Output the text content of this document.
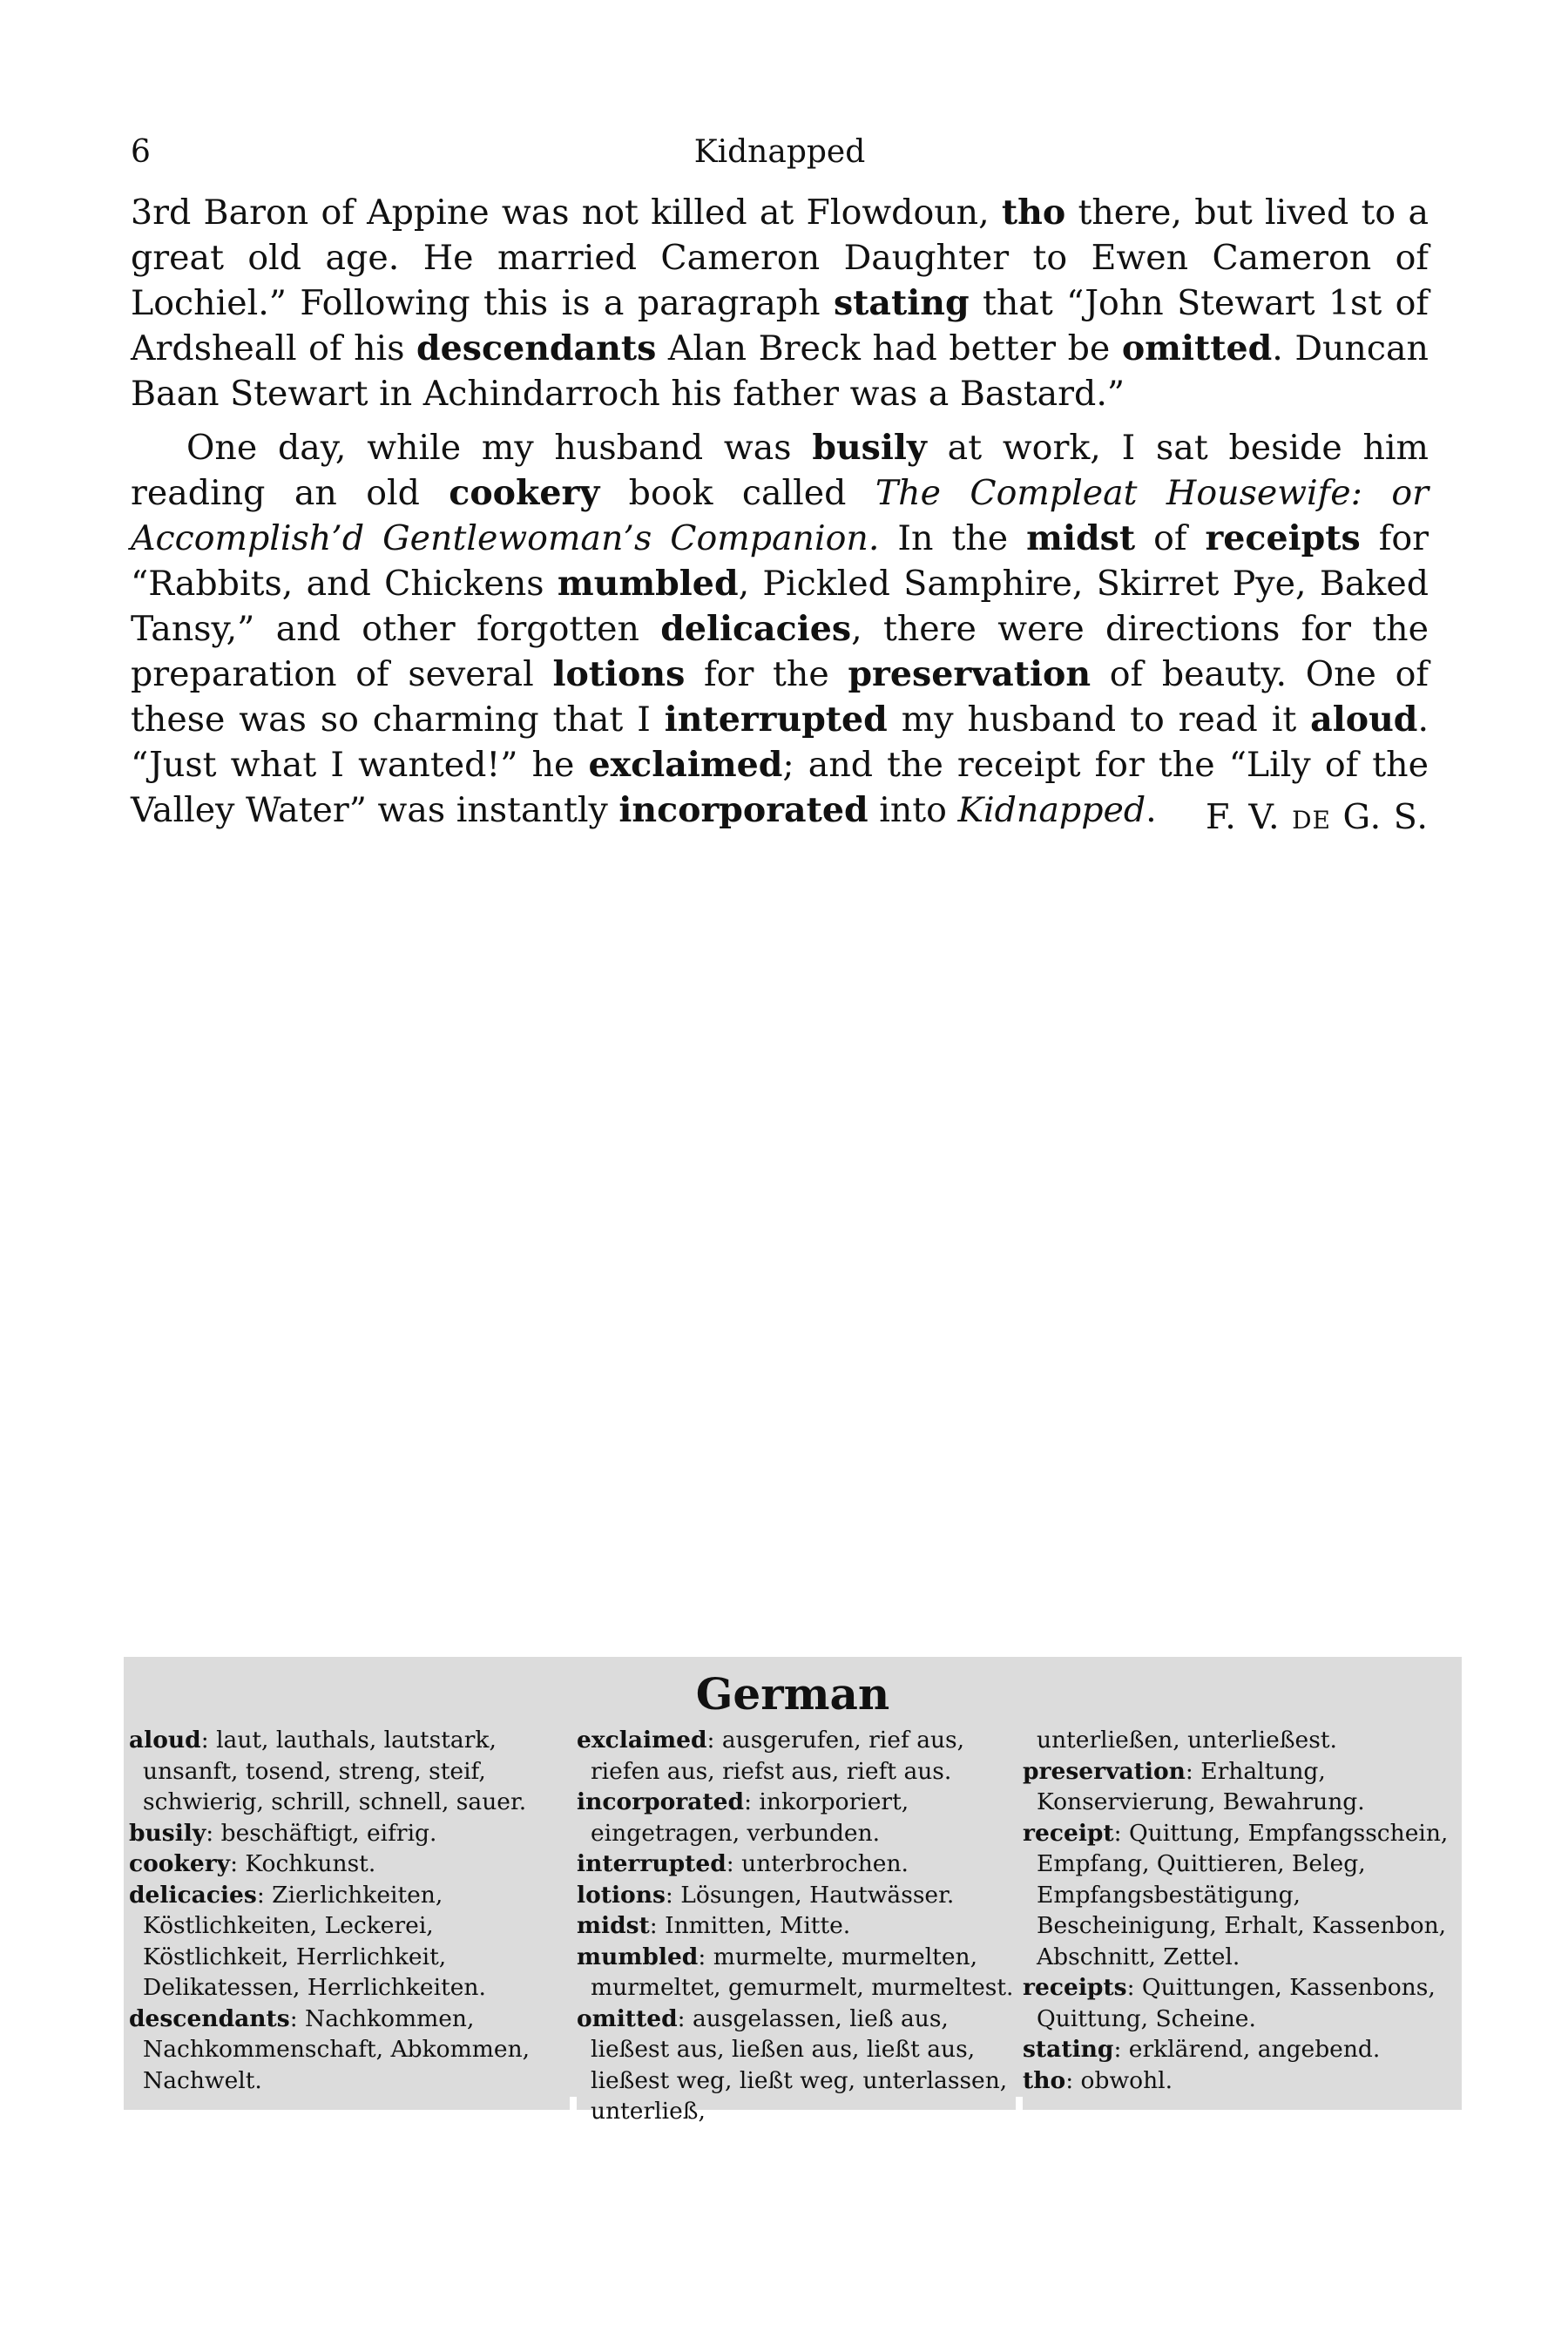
6	Kidnapped

3rd Baron of Appine was not killed at Flowdoun, tho there, but lived to a great old age. He married Cameron Daughter to Ewen Cameron of Lochiel.” Following this is a paragraph stating that “John Stewart 1st of Ardsheall of his descendants Alan Breck had better be omitted. Duncan Baan Stewart in Achindarroch his father was a Bastard.”

One day, while my husband was busily at work, I sat beside him reading an old cookery book called The Compleat Housewife: or Accomplish’d Gentlewoman’s Companion. In the midst of receipts for “Rabbits, and Chickens mumbled, Pickled Samphire, Skirret Pye, Baked Tansy,” and other forgotten delicacies, there were directions for the preparation of several lotions for the preservation of beauty. One of these was so charming that I interrupted my husband to read it aloud. “Just what I wanted!” he exclaimed; and the receipt for the “Lily of the Valley Water” was instantly incorporated into Kidnapped.	F. V. DE G. S.
German
aloud: laut, lauthals, lautstark, unsanft, tosend, streng, steif, schwierig, schrill, schnell, sauer.
busily: beschäftigt, eifrig.
cookery: Kochkunst.
delicacies: Zierlichkeiten, Köstlichkeiten, Leckerei, Köstlichkeit, Herrlichkeit, Delikatessen, Herrlichkeiten.
descendants: Nachkommen, Nachkommenschaft, Abkommen, Nachwelt.
exclaimed: ausgerufen, rief aus, riefen aus, riefst aus, rieft aus.
incorporated: inkorporiert, eingetragen, verbunden.
interrupted: unterbrochen.
lotions: Lösungen, Hautwässer.
midst: Inmitten, Mitte.
mumbled: murmelte, murmelten, murmeltet, gemurmelt, murmeltest.
omitted: ausgelassen, ließ aus, ließest aus, ließen aus, ließt aus, ließest weg, ließt weg, unterlassen, unterließ,
unterließen, unterließest.
preservation: Erhaltung, Konservierung, Bewahrung.
receipt: Quittung, Empfangsschein, Empfang, Quittieren, Beleg, Empfangsbestätigung, Bescheinigung, Erhalt, Kassenbon, Abschnitt, Zettel.
receipts: Quittungen, Kassenbons, Quittung, Scheine.
stating: erklärend, angebend.
tho: obwohl.
